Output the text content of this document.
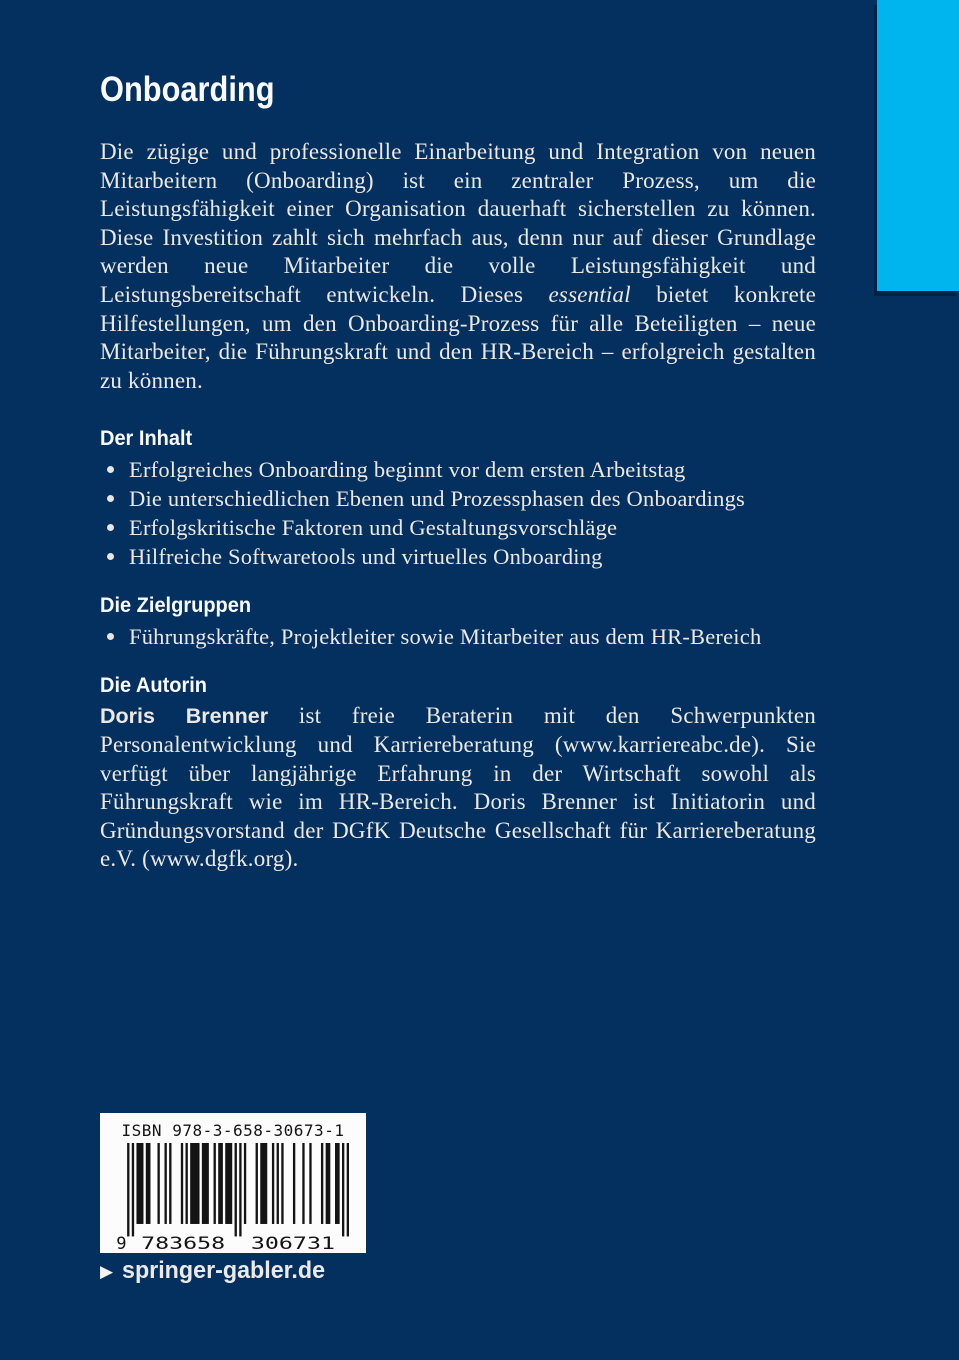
Onboarding

Die zügige und professionelle Einarbeitung und Integration von neuen Mitarbeitern (Onboarding) ist ein zentraler Prozess, um die Leistungsfähigkeit einer Organisation dauerhaft sicherstellen zu können. Diese Investition zahlt sich mehrfach aus, denn nur auf dieser Grundlage werden neue Mitarbeiter die volle Leistungsfähigkeit und Leistungsbereitschaft entwickeln. Dieses essential bietet konkrete Hilfestellungen, um den Onboarding-Prozess für alle Beteiligten – neue Mitarbeiter, die Führungskraft und den HR-Bereich – erfolgreich gestalten zu können.

Der Inhalt
Erfolgreiches Onboarding beginnt vor dem ersten Arbeitstag
Die unterschiedlichen Ebenen und Prozessphasen des Onboardings
Erfolgskritische Faktoren und Gestaltungsvorschläge
Hilfreiche Softwaretools und virtuelles Onboarding
Die Zielgruppen
Führungskräfte, Projektleiter sowie Mitarbeiter aus dem HR-Bereich
Die Autorin

Doris Brenner ist freie Beraterin mit den Schwerpunkten Personalentwicklung und Karriereberatung (www.karriereabc.de). Sie verfügt über langjährige Erfahrung in der Wirtschaft sowohl als Führungskraft wie im HR-Bereich. Doris Brenner ist Initiatorin und Gründungsvorstand der DGfK Deutsche Gesellschaft für Karriereberatung e.V. (www.dgfk.org).

ISBN 978-3-658-30673-1
9 783658 306731
▶ springer-gabler.de
